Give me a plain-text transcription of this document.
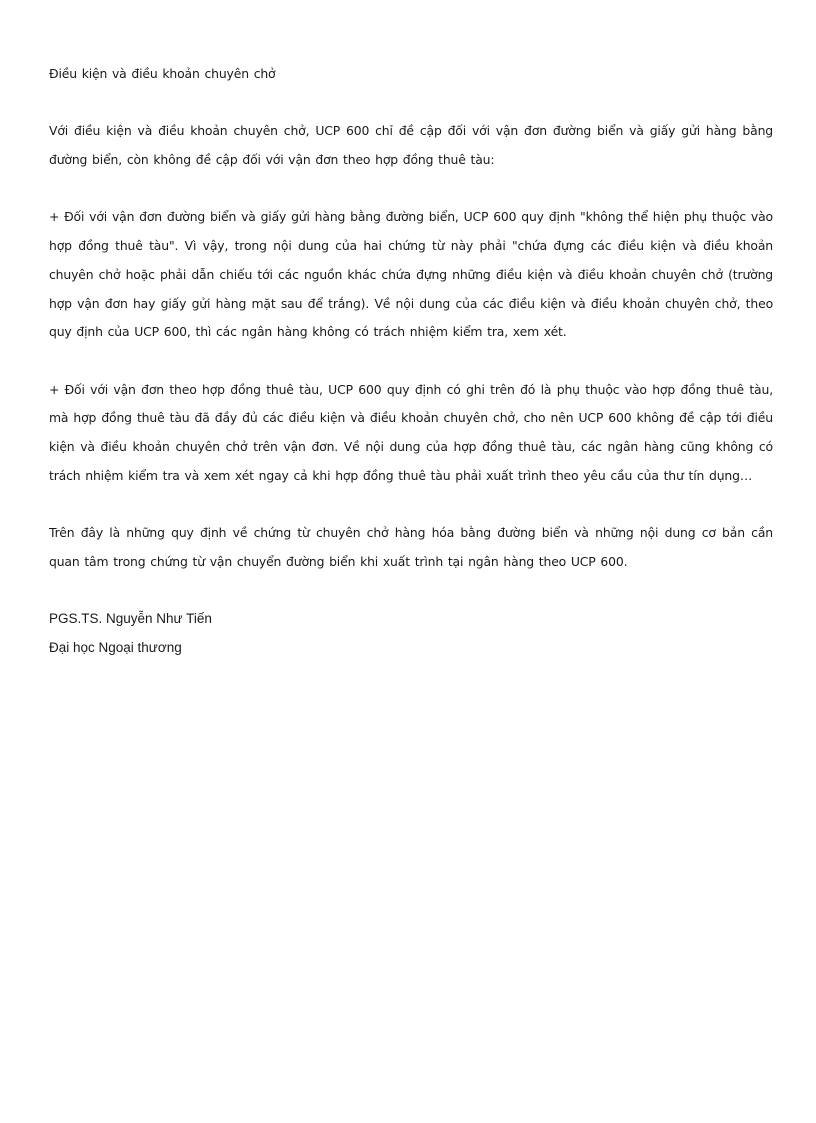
Điều kiện và điều khoản chuyên chở

Với điều kiện và điều khoản chuyên chở, UCP 600 chỉ đề cập đối với vận đơn đường biển và giấy gửi hàng bằng đường biển, còn không đề cập đối với vận đơn theo hợp đồng thuê tàu:

+ Đối với vận đơn đường biển và giấy gửi hàng bằng đường biển, UCP 600 quy định "không thể hiện phụ thuộc vào hợp đồng thuê tàu". Vì vậy, trong nội dung của hai chứng từ này phải "chứa đựng các điều kiện và điều khoản chuyên chở hoặc phải dẫn chiếu tới các nguồn khác chứa đựng những điều kiện và điều khoản chuyên chở (trường hợp vận đơn hay giấy gửi hàng mặt sau để trắng). Về nội dung của các điều kiện và điều khoản chuyên chở, theo quy định của UCP 600, thì các ngân hàng không có trách nhiệm kiểm tra, xem xét.

+ Đối với vận đơn theo hợp đồng thuê tàu, UCP 600 quy định có ghi trên đó là phụ thuộc vào hợp đồng thuê tàu, mà hợp đồng thuê tàu đã đầy đủ các điều kiện và điều khoản chuyên chở, cho nên UCP 600 không đề cập tới điều kiện và điều khoản chuyên chở trên vận đơn. Về nội dung của hợp đồng thuê tàu, các ngân hàng cũng không có trách nhiệm kiểm tra và xem xét ngay cả khi hợp đồng thuê tàu phải xuất trình theo yêu cầu của thư tín dụng…

Trên đây là những quy định về chứng từ chuyên chở hàng hóa bằng đường biển và những nội dung cơ bản cần quan tâm trong chứng từ vận chuyển đường biển khi xuất trình tại ngân hàng theo UCP 600.

PGS.TS. Nguyễn Như Tiến

Đại học Ngoại thương
